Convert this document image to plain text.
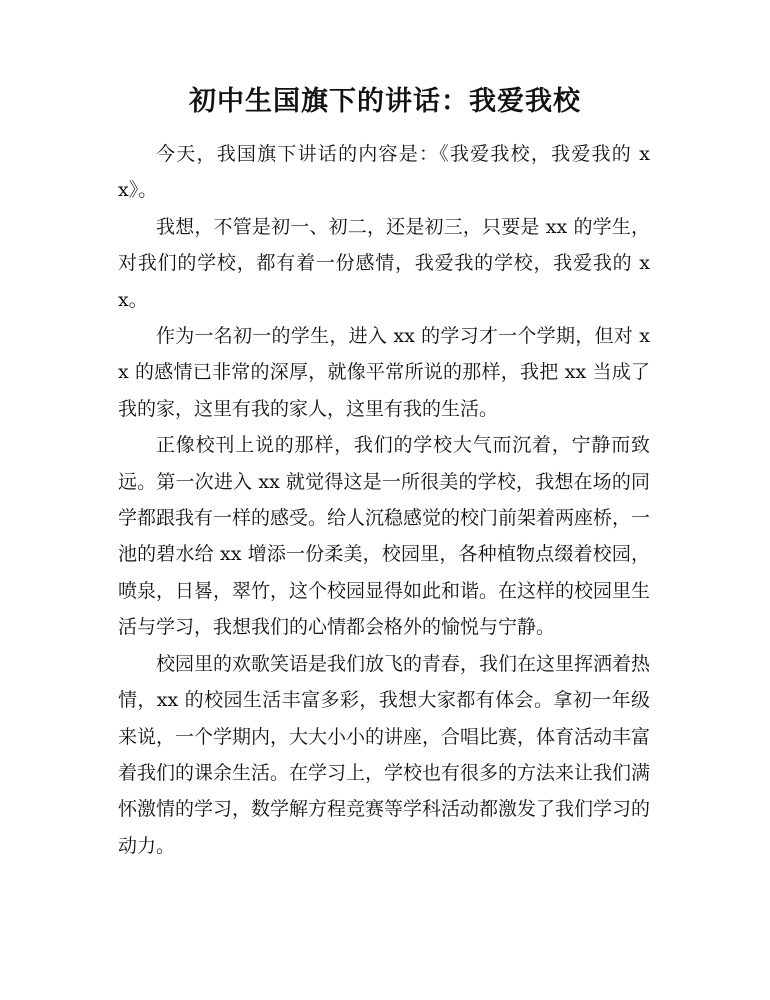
初中生国旗下的讲话：我爱我校

今天，我国旗下讲话的内容是：《我爱我校，我爱我的 xx》。

我想，不管是初一、初二，还是初三，只要是 xx 的学生，对我们的学校，都有着一份感情，我爱我的学校，我爱我的 xx。

作为一名初一的学生，进入 xx 的学习才一个学期，但对 xx 的感情已非常的深厚，就像平常所说的那样，我把 xx 当成了我的家，这里有我的家人，这里有我的生活。

正像校刊上说的那样，我们的学校大气而沉着，宁静而致远。第一次进入 xx 就觉得这是一所很美的学校，我想在场的同学都跟我有一样的感受。给人沉稳感觉的校门前架着两座桥，一池的碧水给 xx 增添一份柔美，校园里，各种植物点缀着校园，喷泉，日晷，翠竹，这个校园显得如此和谐。在这样的校园里生活与学习，我想我们的心情都会格外的愉悦与宁静。

校园里的欢歌笑语是我们放飞的青春，我们在这里挥洒着热情，xx 的校园生活丰富多彩，我想大家都有体会。拿初一年级来说，一个学期内，大大小小的讲座，合唱比赛，体育活动丰富着我们的课余生活。在学习上，学校也有很多的方法来让我们满怀激情的学习，数学解方程竞赛等学科活动都激发了我们学习的动力。
